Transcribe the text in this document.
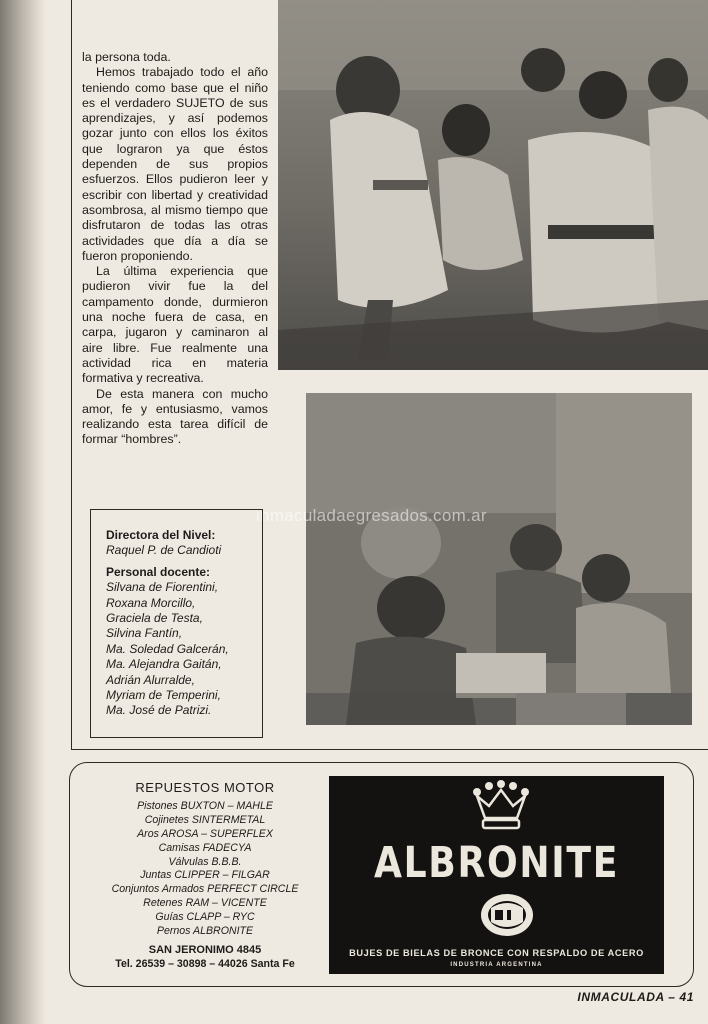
la persona toda.

Hemos trabajado todo el año teniendo como base que el niño es el verdadero SUJETO de sus aprendizajes, y así podemos gozar junto con ellos los éxitos que lograron ya que éstos dependen de sus propios esfuerzos. Ellos pudieron leer y escribir con libertad y creatividad asombrosa, al mismo tiempo que disfrutaron de todas las otras actividades que día a día se fueron proponiendo.

La última experiencia que pudieron vivir fue la del campamento donde, durmieron una noche fuera de casa, en carpa, jugaron y caminaron al aire libre. Fue realmente una actividad rica en materia formativa y recreativa.

De esta manera con mucho amor, fe y entusiasmo, vamos realizando esta tarea difícil de formar “hombres”.

inmaculadaegresados.com.ar
Directora del Nivel:
Raquel P. de Candioti
Personal docente:
Silvana de Fiorentini,
Roxana Morcillo,
Graciela de Testa,
Silvina Fantín,
Ma. Soledad Galcerán,
Ma. Alejandra Gaitán,
Adrián Alurralde,
Myriam de Temperini,
Ma. José de Patrizi.
REPUESTOS MOTOR
Pistones BUXTON – MAHLE
Cojinetes SINTERMETAL
Aros AROSA – SUPERFLEX
Camisas FADECYA
Válvulas B.B.B.
Juntas CLIPPER – FILGAR
Conjuntos Armados PERFECT CIRCLE
Retenes RAM – VICENTE
Guías CLAPP – RYC
Pernos ALBRONITE
SAN JERONIMO 4845
Tel. 26539 – 30898 – 44026 Santa Fe
ALBRONITE
BUJES DE BIELAS DE BRONCE CON RESPALDO DE ACERO
INDUSTRIA ARGENTINA
INMACULADA – 41
